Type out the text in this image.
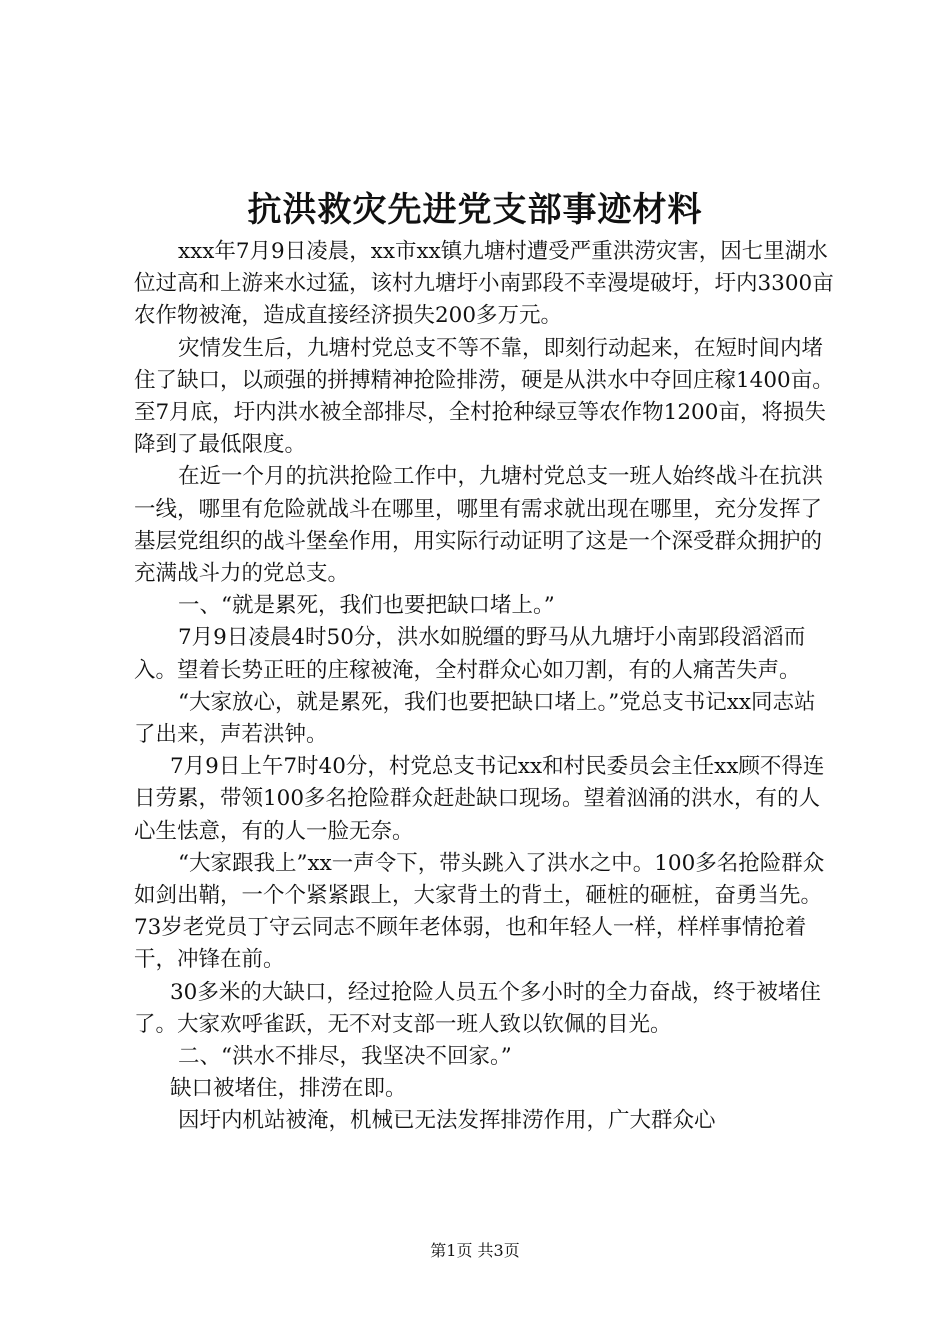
抗洪救灾先进党支部事迹材料

xxx年7月9日凌晨，xx市xx镇九塘村遭受严重洪涝灾害，因七里湖水位过高和上游来水过猛，该村九塘圩小南郢段不幸漫堤破圩，圩内3300亩农作物被淹，造成直接经济损失200多万元。

灾情发生后，九塘村党总支不等不靠，即刻行动起来，在短时间内堵住了缺口，以顽强的拼搏精神抢险排涝，硬是从洪水中夺回庄稼1400亩。至7月底，圩内洪水被全部排尽，全村抢种绿豆等农作物1200亩，将损失降到了最低限度。

在近一个月的抗洪抢险工作中，九塘村党总支一班人始终战斗在抗洪一线，哪里有危险就战斗在哪里，哪里有需求就出现在哪里，充分发挥了基层党组织的战斗堡垒作用，用实际行动证明了这是一个深受群众拥护的充满战斗力的党总支。

一、“就是累死，我们也要把缺口堵上。”

7月9日凌晨4时50分，洪水如脱缰的野马从九塘圩小南郢段滔滔而入。望着长势正旺的庄稼被淹，全村群众心如刀割，有的人痛苦失声。

“大家放心，就是累死，我们也要把缺口堵上。”党总支书记xx同志站了出来，声若洪钟。

7月9日上午7时40分，村党总支书记xx和村民委员会主任xx顾不得连日劳累，带领100多名抢险群众赶赴缺口现场。望着汹涌的洪水，有的人心生怯意，有的人一脸无奈。

“大家跟我上”xx一声令下，带头跳入了洪水之中。100多名抢险群众如剑出鞘，一个个紧紧跟上，大家背土的背土，砸桩的砸桩，奋勇当先。73岁老党员丁守云同志不顾年老体弱，也和年轻人一样，样样事情抢着干，冲锋在前。

30多米的大缺口，经过抢险人员五个多小时的全力奋战，终于被堵住了。大家欢呼雀跃，无不对支部一班人致以钦佩的目光。

二、“洪水不排尽，我坚决不回家。”

缺口被堵住，排涝在即。

因圩内机站被淹，机械已无法发挥排涝作用，广大群众心

第1页 共3页
